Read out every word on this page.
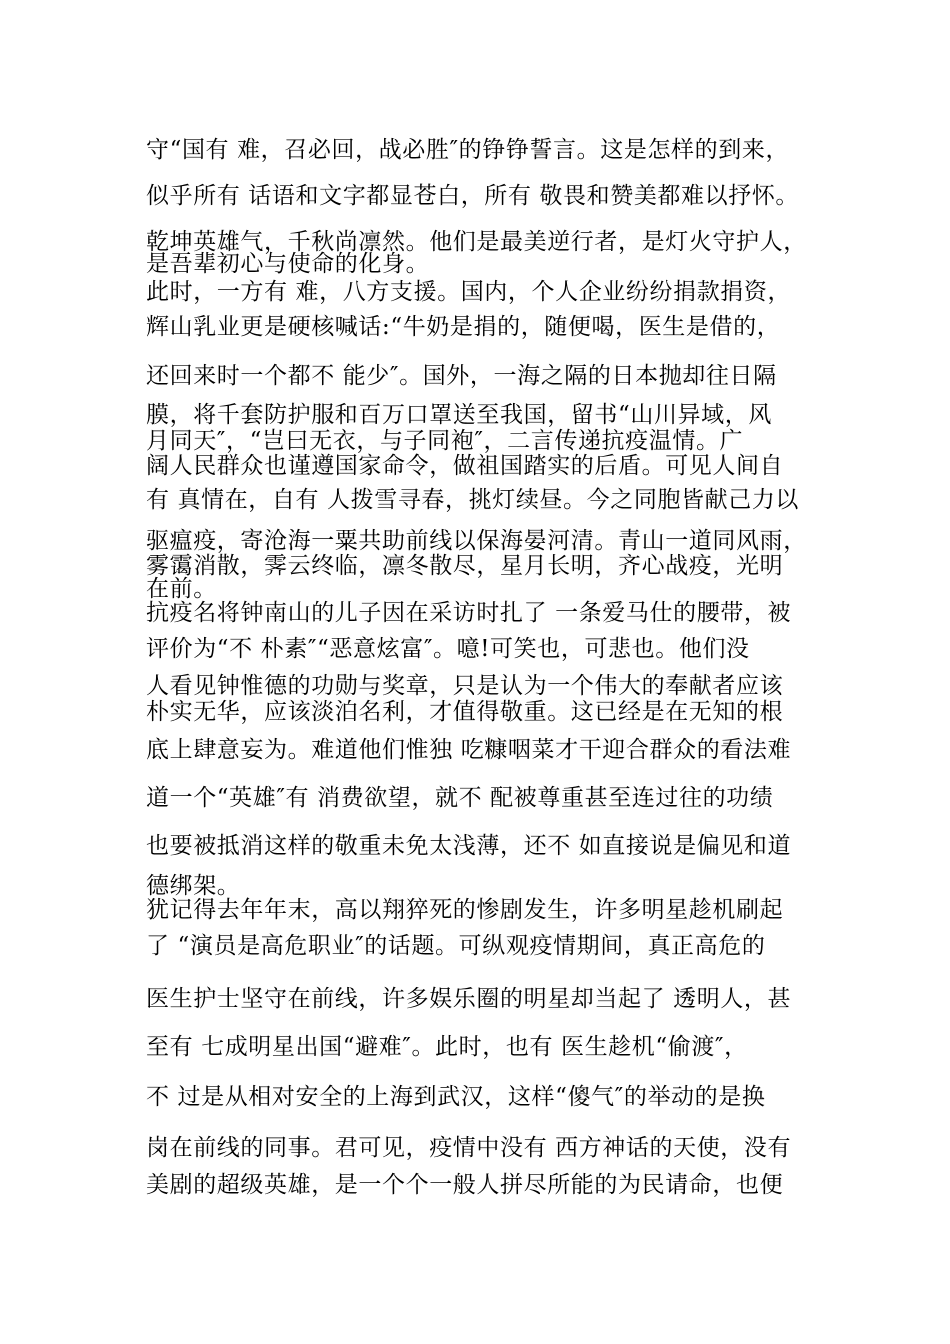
守“国有 难，召必回，战必胜″的铮铮誓言。这是怎样的到来，
似乎所有 话语和文字都显苍白，所有 敬畏和赞美都难以抒怀。
乾坤英雄气，千秋尚凛然。他们是最美逆行者，是灯火守护人，
是吾辈初心与使命的化身。
此时，一方有 难，八方支援。国内，个人企业纷纷捐款捐资，
辉山乳业更是硬核喊话:“牛奶是捐的，随便喝，医生是借的，
还回来时一个都不 能少″。国外，一海之隔的日本抛却往日隔
膜，将千套防护服和百万口罩送至我国，留书“山川异域，风
月同天″，“岂曰无衣，与子同袍″，二言传递抗疫温情。广
阔人民群众也谨遵国家命令，做祖国踏实的后盾。可见人间自
有 真情在，自有 人拨雪寻春，挑灯续昼。今之同胞皆献己力以
驱瘟疫，寄沧海一粟共助前线以保海晏河清。青山一道同风雨，
雾霭消散，霁云终临，凛冬散尽，星月长明，齐心战疫，光明
在前。
抗疫名将钟南山的儿子因在采访时扎了 一条爱马仕的腰带，被
评价为“不 朴素″“恶意炫富″。噫!可笑也，可悲也。他们没
人看见钟惟德的功勋与奖章，只是认为一个伟大的奉献者应该
朴实无华，应该淡泊名利，才值得敬重。这已经是在无知的根
底上肆意妄为。难道他们惟独 吃糠咽菜才干迎合群众的看法难
道一个“英雄″有 消费欲望，就不 配被尊重甚至连过往的功绩
也要被抵消这样的敬重未免太浅薄，还不 如直接说是偏见和道
德绑架。
犹记得去年年末，高以翔猝死的惨剧发生，许多明星趁机刷起
了 “演员是高危职业″的话题。可纵观疫情期间，真正高危的
医生护士坚守在前线，许多娱乐圈的明星却当起了 透明人，甚
至有 七成明星出国“避难″。此时，也有 医生趁机“偷渡″，
不 过是从相对安全的上海到武汉，这样“傻气″的举动的是换
岗在前线的同事。君可见，疫情中没有 西方神话的天使，没有
美剧的超级英雄，是一个个一般人拼尽所能的为民请命，也便
